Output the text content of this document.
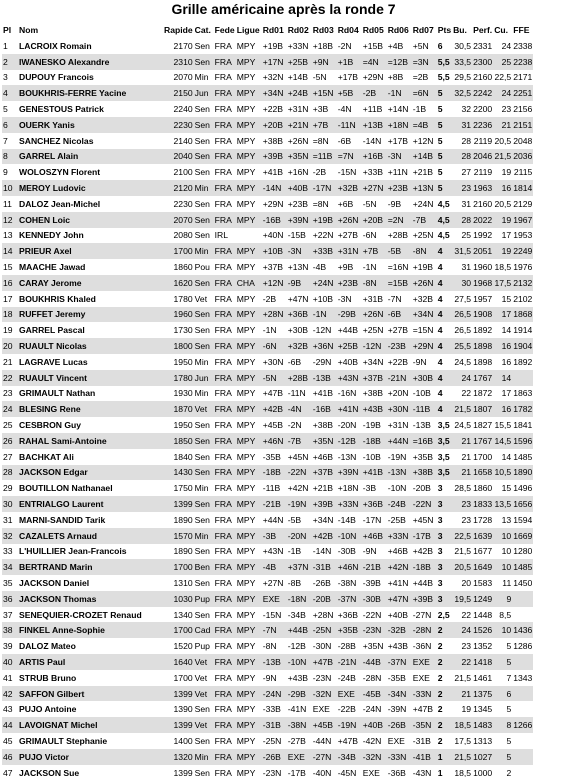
Grille américaine après la ronde 7
Pl	Nom	Rapide	Cat.	Fede	Ligue	Rd01	Rd02	Rd03	Rd04	Rd05	Rd06	Rd07	Pts	Bu.	Perf.	Cu.	FFE
1	LACROIX Romain	2170	Sen	FRA	MPY	+19B	+33N	+18B	-2N	+15B	+4B	+5N	6	30,5	2331	24	2338
2	IWANESKO Alexandre	2310	Sen	FRA	MPY	+17N	+25B	+9N	+1B	=4N	=12B	=3N	5,5	33,5	2300	25	2238
3	DUPOUY Francois	2070	Min	FRA	MPY	+32N	+14B	-5N	+17B	+29N	+8B	=2B	5,5	29,5	2160	22,5	2171
4	BOUKHRIS-FERRE Yacine	2150	Jun	FRA	MPY	+34N	+24B	+15N	+5B	-2B	-1N	=6N	5	32,5	2242	24	2251
5	GENESTOUS Patrick	2240	Sen	FRA	MPY	+22B	+31N	+3B	-4N	+11B	+14N	-1B	5	32	2200	23	2156
6	OUERK Yanis	2230	Sen	FRA	MPY	+20B	+21N	+7B	-11N	+13B	+18N	=4B	5	31	2236	21	2151
7	SANCHEZ Nicolas	2140	Sen	FRA	MPY	+38B	+26N	=8N	-6B	-14N	+17B	+12N	5	28	2119	20,5	2048
8	GARREL Alain	2040	Sen	FRA	MPY	+39B	+35N	=11B	=7N	+16B	-3N	+14B	5	28	2046	21,5	2036
9	WOLOSZYN Florent	2100	Sen	FRA	MPY	+41B	+16N	-2B	-15N	+33B	+11N	+21B	5	27	2119	19	2115
10	MEROY Ludovic	2120	Min	FRA	MPY	-14N	+40B	-17N	+32B	+27N	+23B	+13N	5	23	1963	16	1814
11	DALOZ Jean-Michel	2230	Sen	FRA	MPY	+29N	+23B	=8N	+6B	-5N	-9B	+24N	4,5	31	2160	20,5	2129
12	COHEN Loic	2070	Sen	FRA	MPY	-16B	+39N	+19B	+26N	+20B	=2N	-7B	4,5	28	2022	19	1967
13	KENNEDY John	2080	Sen	IRL		+40N	-15B	+22N	+27B	-6N	+28B	+25N	4,5	25	1992	17	1953
14	PRIEUR Axel	1700	Min	FRA	MPY	+10B	-3N	+33B	+31N	+7B	-5B	-8N	4	31,5	2051	19	2249
15	MAACHE Jawad	1860	Pou	FRA	MPY	+37B	+13N	-4B	+9B	-1N	=16N	+19B	4	31	1960	18,5	1976
16	CARAY Jerome	1620	Sen	FRA	CHA	+12N	-9B	+24N	+23B	-8N	=15B	+26N	4	30	1968	17,5	2132
17	BOUKHRIS Khaled	1780	Vet	FRA	MPY	-2B	+47N	+10B	-3N	+31B	-7N	+32B	4	27,5	1957	15	2102
18	RUFFET Jeremy	1960	Sen	FRA	MPY	+28N	+36B	-1N	-29B	+26N	-6B	+34N	4	26,5	1908	17	1868
19	GARREL Pascal	1730	Sen	FRA	MPY	-1N	+30B	-12N	+44B	+25N	+27B	=15N	4	26,5	1892	14	1914
20	RUAULT Nicolas	1800	Sen	FRA	MPY	-6N	+32B	+36N	+25B	-12N	-23B	+29N	4	25,5	1898	16	1904
21	LAGRAVE Lucas	1950	Min	FRA	MPY	+30N	-6B	-29N	+40B	+34N	+22B	-9N	4	24,5	1898	16	1892
22	RUAULT Vincent	1780	Jun	FRA	MPY	-5N	+28B	-13B	+43N	+37B	-21N	+30B	4	24	1767	14	
23	GRIMAULT Nathan	1930	Min	FRA	MPY	+47B	-11N	+41B	-16N	+38B	+20N	-10B	4	22	1872	17	1863
24	BLESING Rene	1870	Vet	FRA	MPY	+42B	-4N	-16B	+41N	+43B	+30N	-11B	4	21,5	1807	16	1782
25	CESBRON Guy	1950	Sen	FRA	MPY	+45B	-2N	+38B	-20N	-19B	+31N	-13B	3,5	24,5	1827	15,5	1841
26	RAHAL Sami-Antoine	1850	Sen	FRA	MPY	+46N	-7B	+35N	-12B	-18B	+44N	=16B	3,5	21	1767	14,5	1596
27	BACHKAT Ali	1840	Sen	FRA	MPY	-35B	+45N	+46B	-13N	-10B	-19N	+35B	3,5	21	1700	14	1485
28	JACKSON Edgar	1430	Sen	FRA	MPY	-18B	-22N	+37B	+39N	+41B	-13N	+38B	3,5	21	1658	10,5	1890
29	BOUTILLON Nathanael	1750	Min	FRA	MPY	-11B	+42N	+21B	+18N	-3B	-10N	-20B	3	28,5	1860	15	1496
30	ENTRIALGO Laurent	1399	Sen	FRA	MPY	-21B	-19N	+39B	+33N	+36B	-24B	-22N	3	23	1833	13,5	1656
31	MARNI-SANDID Tarik	1890	Sen	FRA	MPY	+44N	-5B	+34N	-14B	-17N	-25B	+45N	3	23	1728	13	1594
32	CAZALETS Arnaud	1570	Min	FRA	MPY	-3B	-20N	+42B	-10N	+46B	+33N	-17B	3	22,5	1639	10	1669
33	L'HUILLIER Jean-Francois	1890	Sen	FRA	MPY	+43N	-1B	-14N	-30B	-9N	+46B	+42B	3	21,5	1677	10	1280
34	BERTRAND Marin	1700	Ben	FRA	MPY	-4B	+37N	-31B	+46N	-21B	+42N	-18B	3	20,5	1649	10	1485
35	JACKSON Daniel	1310	Sen	FRA	MPY	+27N	-8B	-26B	-38N	-39B	+41N	+44B	3	20	1583	11	1450
36	JACKSON Thomas	1030	Pup	FRA	MPY	EXE	-18N	-20B	-37N	-30B	+47N	+39B	3	19,5	1249	9	
37	SENEQUIER-CROZET Renaud	1340	Sen	FRA	MPY	-15N	-34B	+28N	+36B	-22N	+40B	-27N	2,5	22	1448	8,5	
38	FINKEL Anne-Sophie	1700	Cad	FRA	MPY	-7N	+44B	-25N	+35B	-23N	-32B	-28N	2	24	1526	10	1436
39	DALOZ Mateo	1520	Pup	FRA	MPY	-8N	-12B	-30N	-28B	+35N	+43B	-36N	2	23	1352	5	1286
40	ARTIS Paul	1640	Vet	FRA	MPY	-13B	-10N	+47B	-21N	-44B	-37N	EXE	2	22	1418	5	
41	STRUB Bruno	1700	Vet	FRA	MPY	-9N	+43B	-23N	-24B	-28N	-35B	EXE	2	21,5	1461	7	1343
42	SAFFON Gilbert	1399	Vet	FRA	MPY	-24N	-29B	-32N	EXE	-45B	-34N	-33N	2	21	1375	6	
43	PUJO Antoine	1390	Sen	FRA	MPY	-33B	-41N	EXE	-22B	-24N	-39N	+47B	2	19	1345	5	
44	LAVOIGNAT Michel	1399	Vet	FRA	MPY	-31B	-38N	+45B	-19N	+40B	-26B	-35N	2	18,5	1483	8	1266
45	GRIMAULT Stephanie	1400	Sen	FRA	MPY	-25N	-27B	-44N	+47B	-42N	EXE	-31B	2	17,5	1313	5	
46	PUJO Victor	1320	Min	FRA	MPY	-26B	EXE	-27N	-34B	-32N	-33N	-41B	1	21,5	1027	5	
47	JACKSON Sue	1399	Sen	FRA	MPY	-23N	-17B	-40N	-45N	EXE	-36B	-43N	1	18,5	1000	2	
